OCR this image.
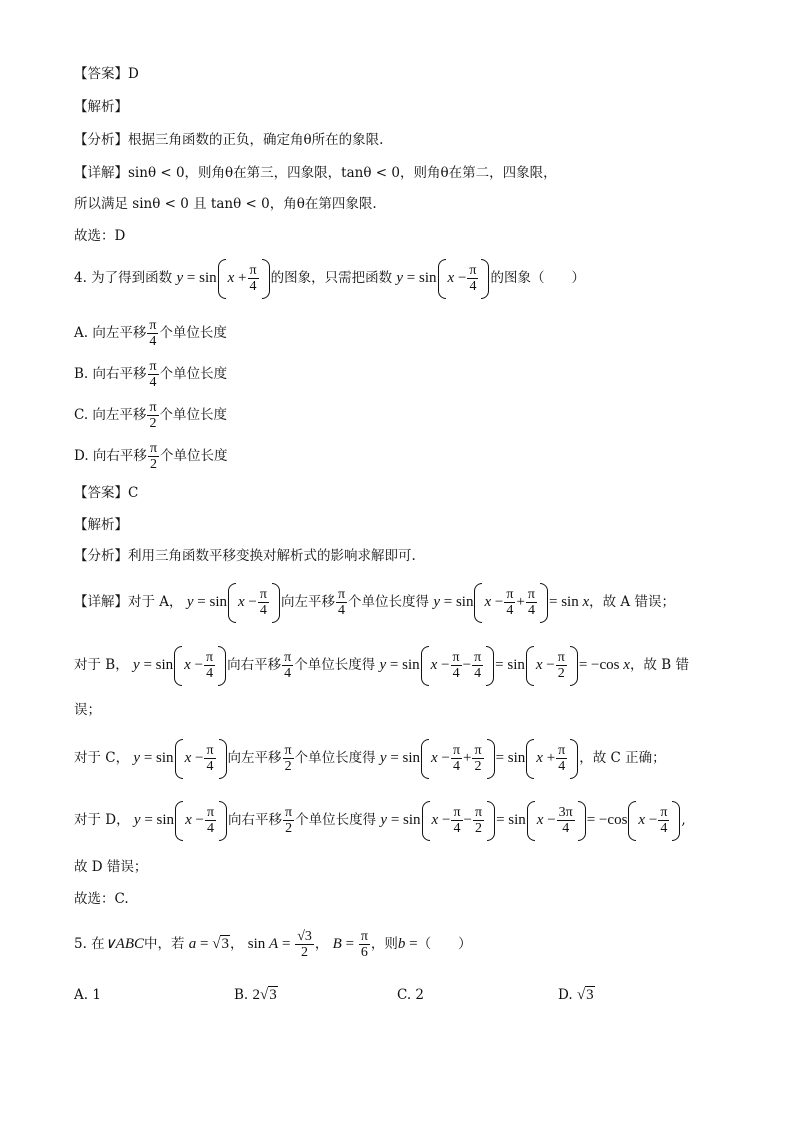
【答案】D
【解析】
【分析】根据三角函数的正负，确定角θ所在的象限.
【详解】sinθ < 0，则角θ在第三，四象限，tanθ < 0，则角θ在第二，四象限，
所以满足 sinθ < 0 且 tanθ < 0，角θ在第四象限.
故选：D
4. 为了得到函数 $y = \sin x + \frac{\pi}{4}$ 的图象，只需把函数 $y = \sin x - \frac{\pi}{4}$ 的图象（　　）
A. 向左平移 $\frac{\pi}{4}$ 个单位长度
B. 向右平移 $\frac{\pi}{4}$ 个单位长度
C. 向左平移 $\frac{\pi}{2}$ 个单位长度
D. 向右平移 $\frac{\pi}{2}$ 个单位长度
【答案】C
【解析】
【分析】利用三角函数平移变换对解析式的影响求解即可.
【详解】对于 A， $y = \sin x - \frac{\pi}{4}$ 向左平移 $\frac{\pi}{4}$ 个单位长度得 $y = \sin x - \frac{\pi}{4} + \frac{\pi}{4} = \sin x$，故 A 错误；
对于 B， $y = \sin x - \frac{\pi}{4}$ 向右平移 $\frac{\pi}{4}$ 个单位长度得 $y = \sin x - \frac{\pi}{4} - \frac{\pi}{4} = \sin x - \frac{\pi}{2} = -\cos$ x，故 B 错
误；
对于 C， $y = \sin x - \frac{\pi}{4}$ 向左平移 $\frac{\pi}{2}$ 个单位长度得 $y = \sin x - \frac{\pi}{4} + \frac{\pi}{2} = \sin x + \frac{\pi}{4}$ ，故 C 正确；
对于 D， $y = \sin x - \frac{\pi}{4}$ 向右平移 $\frac{\pi}{2}$ 个单位长度得 $y = \sin x - \frac{\pi}{4} - \frac{\pi}{2} = \sin x - \frac{3\pi}{4} = -\cos$ $x - \frac{\pi}{4}$ ,
故 D 错误；
故选：C.
5. 在∨ABC中，若 a = √3， $\sin A = \frac{√3}{2}$ ， $B = \frac{\pi}{6}$ ，则b =（　　）
A. 1	B. 2√3	C. 2	D. √3
